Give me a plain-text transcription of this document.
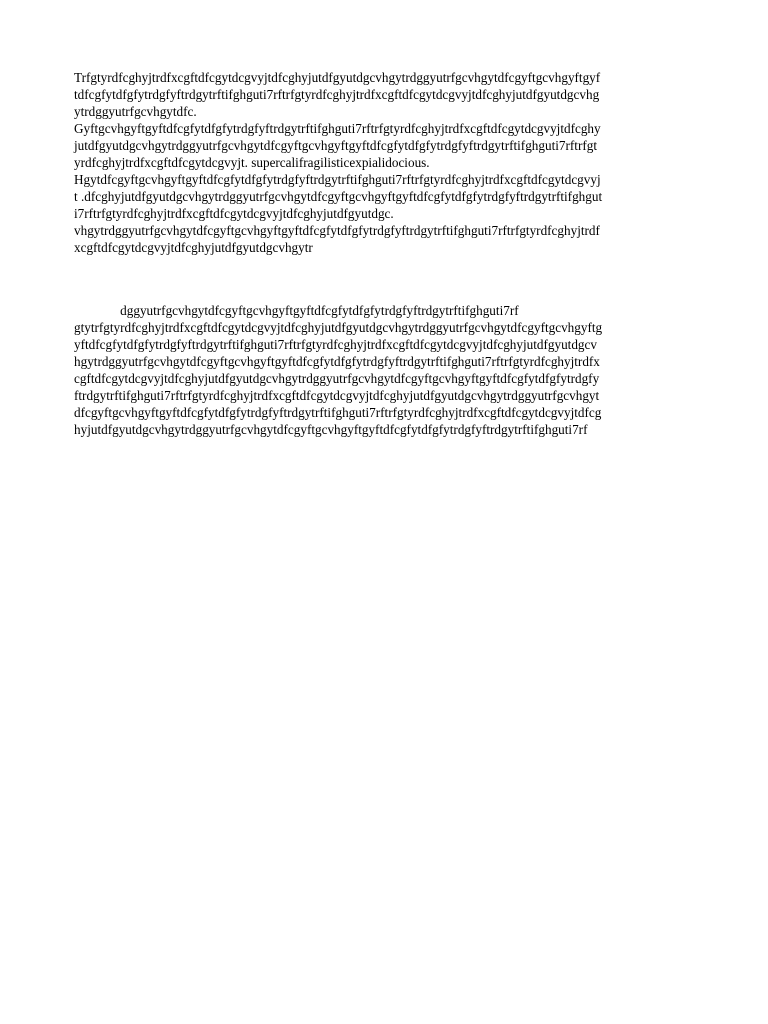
Trfgtyrdfcghyjtrdfxcgftdfcgytdcgvyjtdfcghyjutdfgyutdgcvhgytrdggyutrfgcvhgytdfcgyftgcvhgyftgyf
tdfcgfytdfgfytrdgfyftrdgytrftifghguti7rftrfgtyrdfcghyjtrdfxcgftdfcgytdcgvyjtdfcghyjutdfgyutdgcvhg
ytrdggyutrfgcvhgytdfc.
Gyftgcvhgyftgyftdfcgfytdfgfytrdgfyftrdgytrftifghguti7rftrfgtyrdfcghyjtrdfxcgftdfcgytdcgvyjtdfcghy
jutdfgyutdgcvhgytrdggyutrfgcvhgytdfcgyftgcvhgyftgyftdfcgfytdfgfytrdgfyftrdgytrftifghguti7rftrfgt
yrdfcghyjtrdfxcgftdfcgytdcgvyjt. supercalifragilisticexpialidocious.
Hgytdfcgyftgcvhgyftgyftdfcgfytdfgfytrdgfyftrdgytrftifghguti7rftrfgtyrdfcghyjtrdfxcgftdfcgytdcgvyj
t .dfcghyjutdfgyutdgcvhgytrdggyutrfgcvhgytdfcgyftgcvhgyftgyftdfcgfytdfgfytrdgfyftrdgytrftifghgut
i7rftrfgtyrdfcghyjtrdfxcgftdfcgytdcgvyjtdfcghyjutdfgyutdgc.
vhgytrdggyutrfgcvhgytdfcgyftgcvhgyftgyftdfcgfytdfgfytrdgfyftrdgytrftifghguti7rftrfgtyrdfcghyjtrdf
xcgftdfcgytdcgvyjtdfcghyjutdfgyutdgcvhgytr
dggyutrfgcvhgytdfcgyftgcvhgyftgyftdfcgfytdfgfytrdgfyftrdgytrftifghguti7rf
gtytrfgtyrdfcghyjtrdfxcgftdfcgytdcgvyjtdfcghyjutdfgyutdgcvhgytrdggyutrfgcvhgytdfcgyftgcvhgyftg
yftdfcgfytdfgfytrdgfyftrdgytrftifghguti7rftrfgtyrdfcghyjtrdfxcgftdfcgytdcgvyjtdfcghyjutdfgyutdgcv
hgytrdggyutrfgcvhgytdfcgyftgcvhgyftgyftdfcgfytdfgfytrdgfyftrdgytrftifghguti7rftrfgtyrdfcghyjtrdfx
cgftdfcgytdcgvyjtdfcghyjutdfgyutdgcvhgytrdggyutrfgcvhgytdfcgyftgcvhgyftgyftdfcgfytdfgfytrdgfy
ftrdgytrftifghguti7rftrfgtyrdfcghyjtrdfxcgftdfcgytdcgvyjtdfcghyjutdfgyutdgcvhgytrdggyutrfgcvhgyt
dfcgyftgcvhgyftgyftdfcgfytdfgfytrdgfyftrdgytrftifghguti7rftrfgtyrdfcghyjtrdfxcgftdfcgytdcgvyjtdfcg
hyjutdfgyutdgcvhgytrdggyutrfgcvhgytdfcgyftgcvhgyftgyftdfcgfytdfgfytrdgfyftrdgytrftifghguti7rf
